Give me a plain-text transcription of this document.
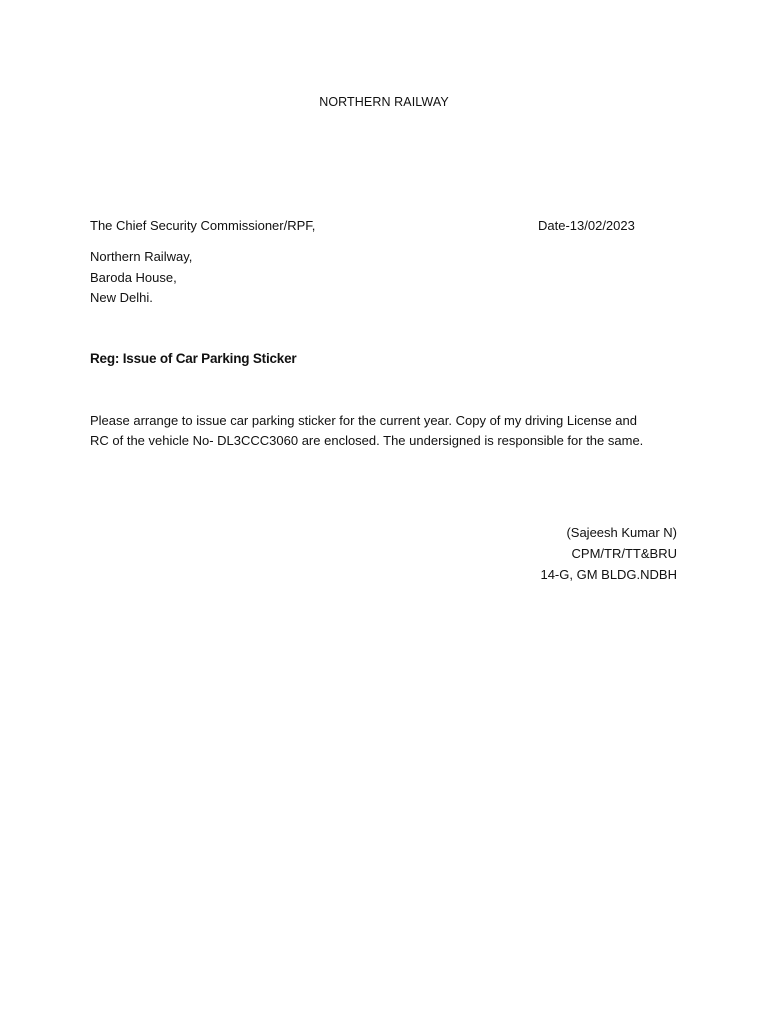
NORTHERN RAILWAY
The Chief Security Commissioner/RPF,	Date-13/02/2023
Northern Railway,
Baroda House,
New Delhi.
Reg: Issue of Car Parking Sticker
Please arrange to issue car parking sticker for the current year. Copy of my driving License and
RC of the vehicle No- DL3CCC3060 are enclosed. The undersigned is responsible for the same.
(Sajeesh Kumar N)
CPM/TR/TT&BRU
14-G, GM BLDG.NDBH
